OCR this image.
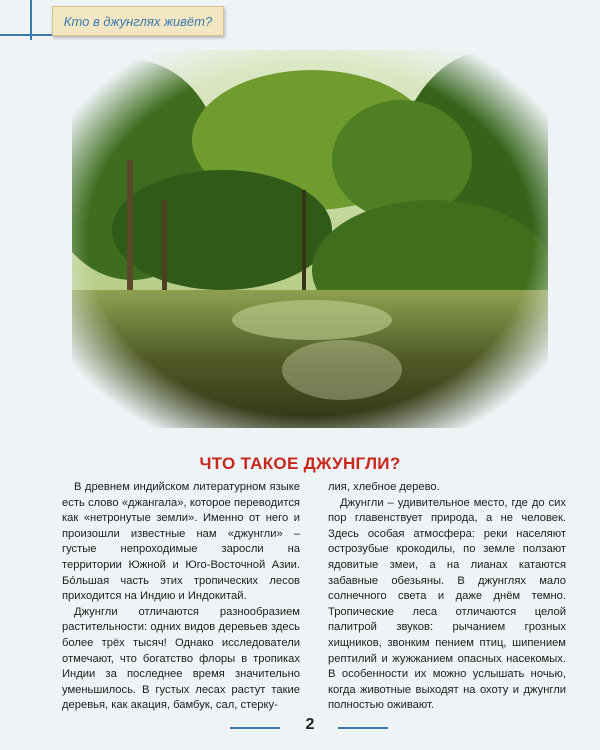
Кто в джунглях живёт?
ЧТО ТАКОЕ ДЖУНГЛИ?

В древнем индийском литературном языке есть слово «джангала», которое переводится как «нетронутые земли». Именно от него и произошли известные нам «джунгли» – густые непроходимые заросли на территории Южной и Юго-Восточной Азии. Бо́льшая часть этих тропических лесов приходится на Индию и Индокитай.

Джунгли отличаются разнообразием растительности: одних видов деревьев здесь более трёх тысяч! Однако исследователи отмечают, что богатство флоры в тропиках Индии за последнее время значительно уменьшилось. В густых лесах растут такие деревья, как акация, бамбук, сал, стерку-

лия, хлебное дерево.

Джунгли – удивительное место, где до сих пор главенствует природа, а не человек. Здесь особая атмосфера: реки населяют острозубые крокодилы, по земле ползают ядовитые змеи, а на лианах катаются забавные обезьяны. В джунглях мало солнечного света и даже днём темно. Тропические леса отличаются целой палитрой звуков: рычанием грозных хищников, звонким пением птиц, шипением рептилий и жужжанием опасных насекомых. В особенности их можно услышать ночью, когда животные выходят на охоту и джунгли полностью оживают.

2
